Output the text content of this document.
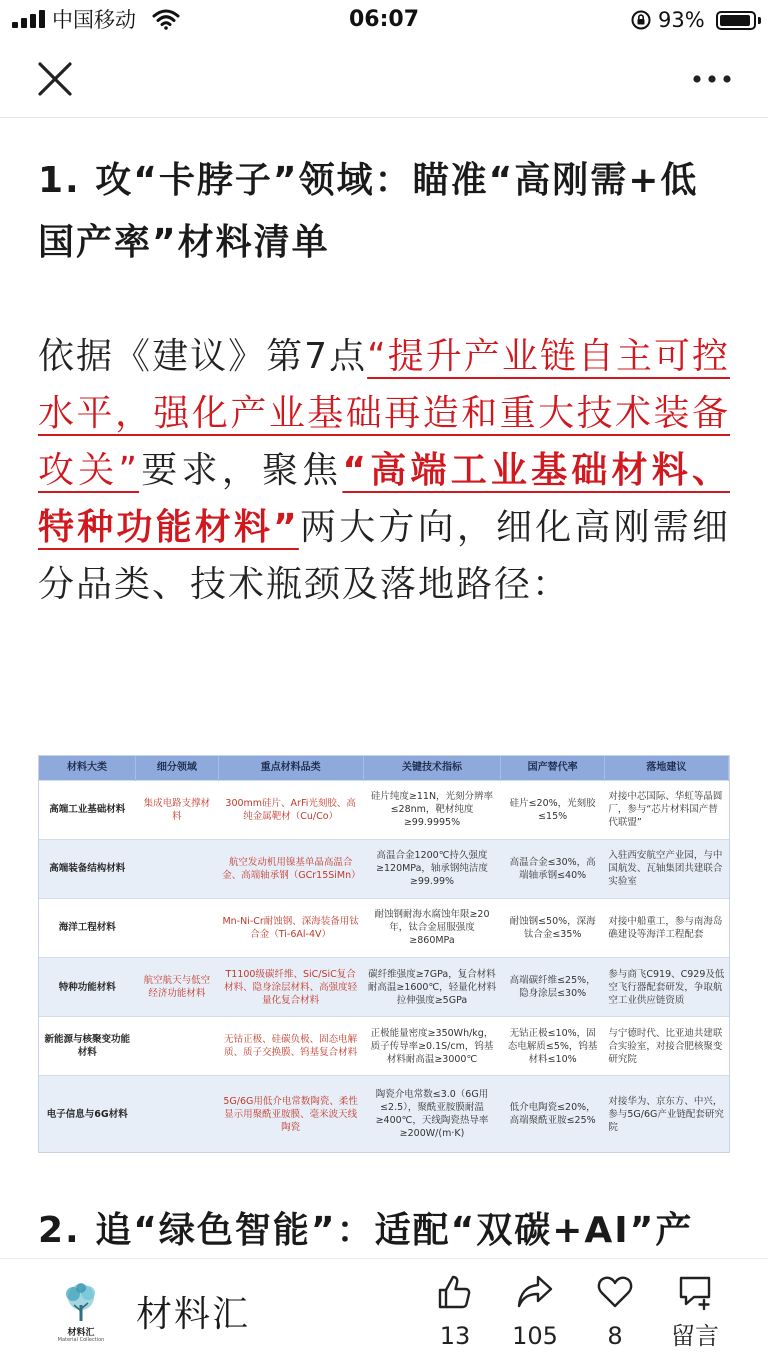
中国移动	06:07	93%
1. 攻“卡脖子”领域：瞄准“高刚需+低国产率”材料清单
依据《建议》第7点“提升产业链自主可控水平，强化产业基础再造和重大技术装备攻关”要求，聚焦“高端工业基础材料、特种功能材料”两大方向，细化高刚需细分品类、技术瓶颈及落地路径：
材料大类	细分领域	重点材料品类	关键技术指标	国产替代率	落地建议
高端工业基础材料	集成电路支撑材料	300mm硅片、ArFi光刻胶、高纯金属靶材（Cu/Co）	硅片纯度≥11N，光刻分辨率≤28nm，靶材纯度≥99.9995%	硅片≤20%，光刻胶≤15%	对接中芯国际、华虹等晶圆厂，参与“芯片材料国产替代联盟”
高端装备结构材料		航空发动机用镍基单晶高温合金、高端轴承钢（GCr15SiMn）	高温合金1200℃持久强度≥120MPa，轴承钢纯洁度≥99.99%	高温合金≤30%，高端轴承钢≤40%	入驻西安航空产业园，与中国航发、瓦轴集团共建联合实验室
海洋工程材料		Mn-Ni-Cr耐蚀钢、深海装备用钛合金（Ti-6Al-4V）	耐蚀钢耐海水腐蚀年限≥20年，钛合金屈服强度≥860MPa	耐蚀钢≤50%，深海钛合金≤35%	对接中船重工，参与南海岛礁建设等海洋工程配套
特种功能材料	航空航天与低空经济功能材料	T1100级碳纤维、SiC/SiC复合材料、隐身涂层材料、高强度轻量化复合材料	碳纤维强度≥7GPa，复合材料耐高温≥1600℃，轻量化材料拉伸强度≥5GPa	高端碳纤维≤25%，隐身涂层≤30%	参与商飞C919、C929及低空飞行器配套研发，争取航空工业供应链资质
新能源与核聚变功能材料		无钴正极、硅碳负极、固态电解质、质子交换膜、钨基复合材料	正极能量密度≥350Wh/kg，质子传导率≥0.1S/cm，钨基材料耐高温≥3000℃	无钴正极≤10%，固态电解质≤5%，钨基材料≤10%	与宁德时代、比亚迪共建联合实验室，对接合肥核聚变研究院
电子信息与6G材料		5G/6G用低介电常数陶瓷、柔性显示用聚酰亚胺膜、毫米波天线陶瓷	陶瓷介电常数≤3.0（6G用≤2.5），聚酰亚胺膜耐温≥400℃，天线陶瓷热导率≥200W/(m·K)	低介电陶瓷≤20%，高端聚酰亚胺≤25%	对接华为、京东方、中兴，参与5G/6G产业链配套研究院
2. 追“绿色智能”：适配“双碳+AI”产
材料汇
Material Collection
材料汇
13	105	8	留言
